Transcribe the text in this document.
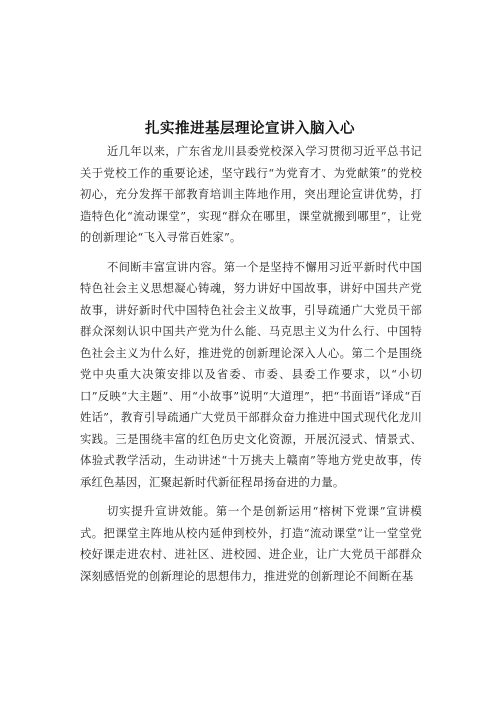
扎实推进基层理论宣讲入脑入心

近几年以来，广东省龙川县委党校深入学习贯彻习近平总书记关于党校工作的重要论述，坚守践行“为党育才、为党献策”的党校初心，充分发挥干部教育培训主阵地作用，突出理论宣讲优势，打造特色化“流动课堂”，实现“群众在哪里，课堂就搬到哪里”，让党的创新理论“飞入寻常百姓家”。

不间断丰富宣讲内容。第一个是坚持不懈用习近平新时代中国特色社会主义思想凝心铸魂，努力讲好中国故事，讲好中国共产党故事，讲好新时代中国特色社会主义故事，引导疏通广大党员干部群众深刻认识中国共产党为什么能、马克思主义为什么行、中国特色社会主义为什么好，推进党的创新理论深入人心。第二个是围绕党中央重大决策安排以及省委、市委、县委工作要求，以“小切口”反映“大主题”、用“小故事”说明“大道理”，把“书面语”译成“百姓话”，教育引导疏通广大党员干部群众奋力推进中国式现代化龙川实践。三是围绕丰富的红色历史文化资源，开展沉浸式、情景式、体验式教学活动，生动讲述“十万挑夫上赣南”等地方党史故事，传承红色基因，汇聚起新时代新征程昂扬奋进的力量。

切实提升宣讲效能。第一个是创新运用“榕树下党课”宣讲模式。把课堂主阵地从校内延伸到校外，打造“流动课堂”让一堂堂党校好课走进农村、进社区、进校园、进企业，让广大党员干部群众深刻感悟党的创新理论的思想伟力，推进党的创新理论不间断在基
